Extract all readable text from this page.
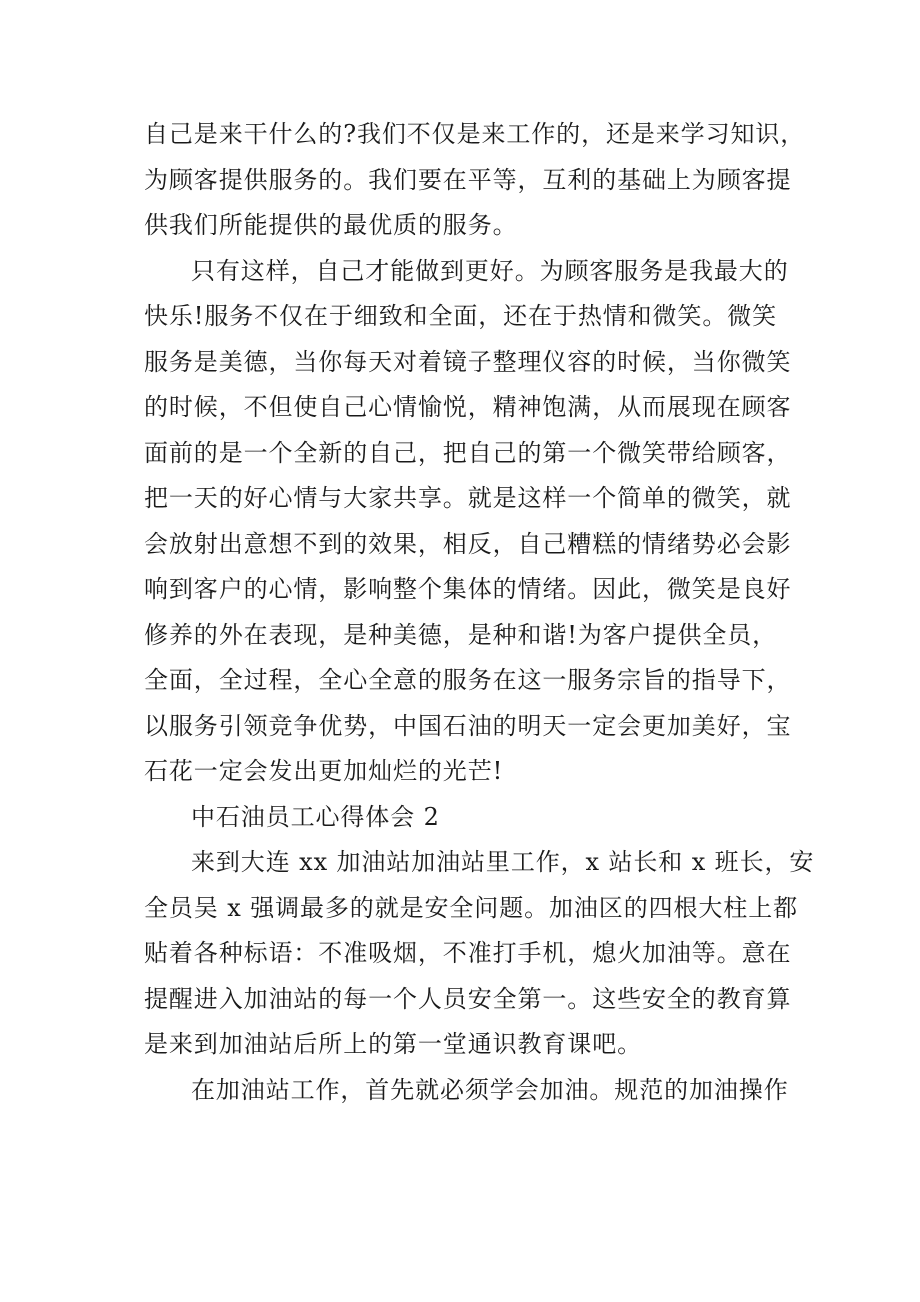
自己是来干什么的?我们不仅是来工作的，还是来学习知识，
为顾客提供服务的。我们要在平等，互利的基础上为顾客提
供我们所能提供的最优质的服务。
只有这样，自己才能做到更好。为顾客服务是我最大的
快乐!服务不仅在于细致和全面，还在于热情和微笑。微笑
服务是美德，当你每天对着镜子整理仪容的时候，当你微笑
的时候，不但使自己心情愉悦，精神饱满，从而展现在顾客
面前的是一个全新的自己，把自己的第一个微笑带给顾客，
把一天的好心情与大家共享。就是这样一个简单的微笑，就
会放射出意想不到的效果，相反，自己糟糕的情绪势必会影
响到客户的心情，影响整个集体的情绪。因此，微笑是良好
修养的外在表现，是种美德，是种和谐!为客户提供全员，
全面，全过程，全心全意的服务在这一服务宗旨的指导下，
以服务引领竞争优势，中国石油的明天一定会更加美好，宝
石花一定会发出更加灿烂的光芒!
中石油员工心得体会 2
来到大连 xx 加油站加油站里工作，x 站长和 x 班长，安
全员吴 x 强调最多的就是安全问题。加油区的四根大柱上都
贴着各种标语：不准吸烟，不准打手机，熄火加油等。意在
提醒进入加油站的每一个人员安全第一。这些安全的教育算
是来到加油站后所上的第一堂通识教育课吧。
在加油站工作，首先就必须学会加油。规范的加油操作
